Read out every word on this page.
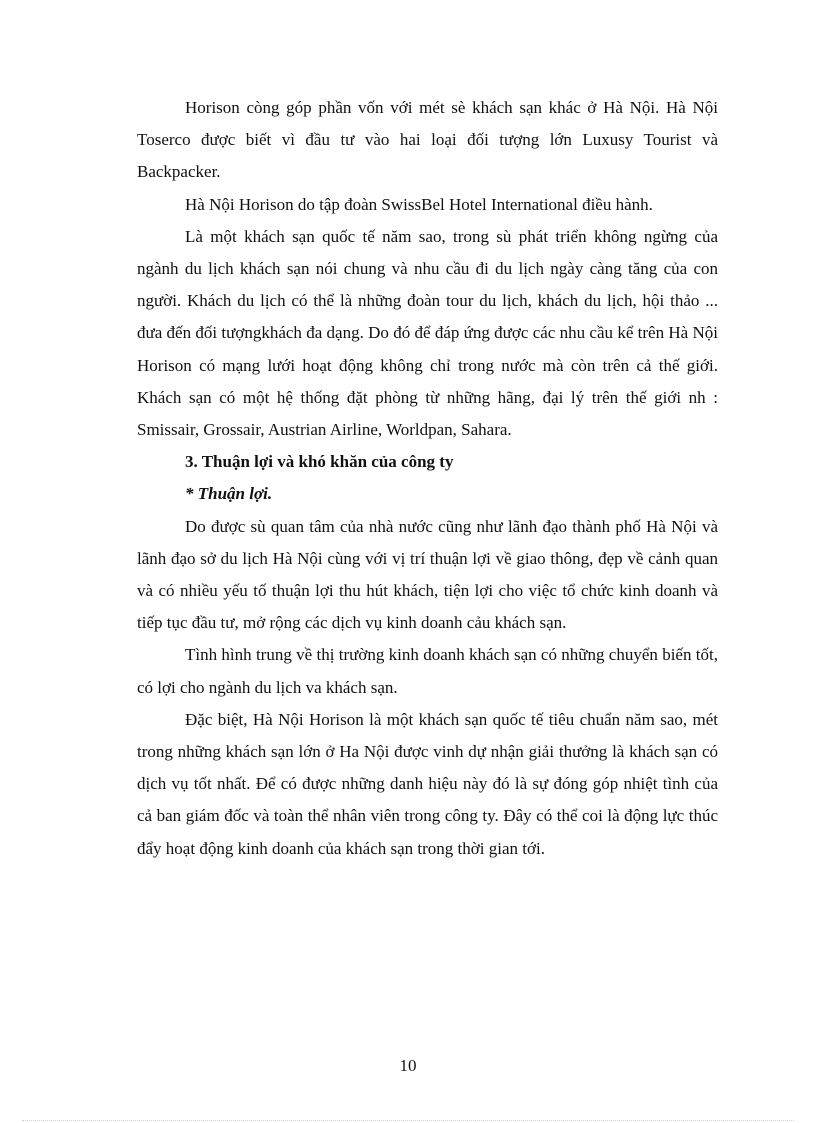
Horison còng góp phần vốn với mét sè khách sạn khác ở Hà Nội. Hà Nội Toserco được biết vì đầu tư vào hai loại đối tượng lớn Luxusy Tourist và Backpacker.

Hà Nội Horison do tập đoàn SwissBel Hotel International điều hành.

Là một khách sạn quốc tế năm sao, trong sù phát triển không ngừng của ngành du lịch khách sạn nói chung và nhu cầu đi du lịch ngày càng tăng của con người. Khách du lịch có thể là những đoàn tour du lịch, khách du lịch, hội thảo ... đưa đến đối tượngkhách đa dạng. Do đó để đáp ứng được các nhu cầu kể trên Hà Nội Horison có mạng lưới hoạt động không chỉ trong nước mà còn trên cả thế giới. Khách sạn có một hệ thống đặt phòng từ những hãng, đại lý trên thế giới nh : Smissair, Grossair, Austrian Airline, Worldpan, Sahara.

3. Thuận lợi và khó khăn của công ty

* Thuận lợi.

Do được sù quan tâm của nhà nước cũng như lãnh đạo thành phố Hà Nội và lãnh đạo sở du lịch Hà Nội cùng với vị trí thuận lợi về giao thông, đẹp về cảnh quan và có nhiều yếu tố thuận lợi thu hút khách, tiện lợi cho việc tổ chức kinh doanh và tiếp tục đầu tư, mở rộng các dịch vụ kinh doanh cảu khách sạn.

Tình hình trung về thị trường kinh doanh khách sạn có những chuyển biến tốt, có lợi cho ngành du lịch va khách sạn.

Đặc biệt, Hà Nội Horison là một khách sạn quốc tế tiêu chuẩn năm sao, mét trong những khách sạn lớn ở Ha Nội được vinh dự nhận giải thưởng là khách sạn có dịch vụ tốt nhất. Để có được những danh hiệu này đó là sự đóng góp nhiệt tình của cả ban giám đốc và toàn thể nhân viên trong công ty. Đây có thể coi là động lực thúc đẩy hoạt động kinh doanh của khách sạn trong thời gian tới.

10
